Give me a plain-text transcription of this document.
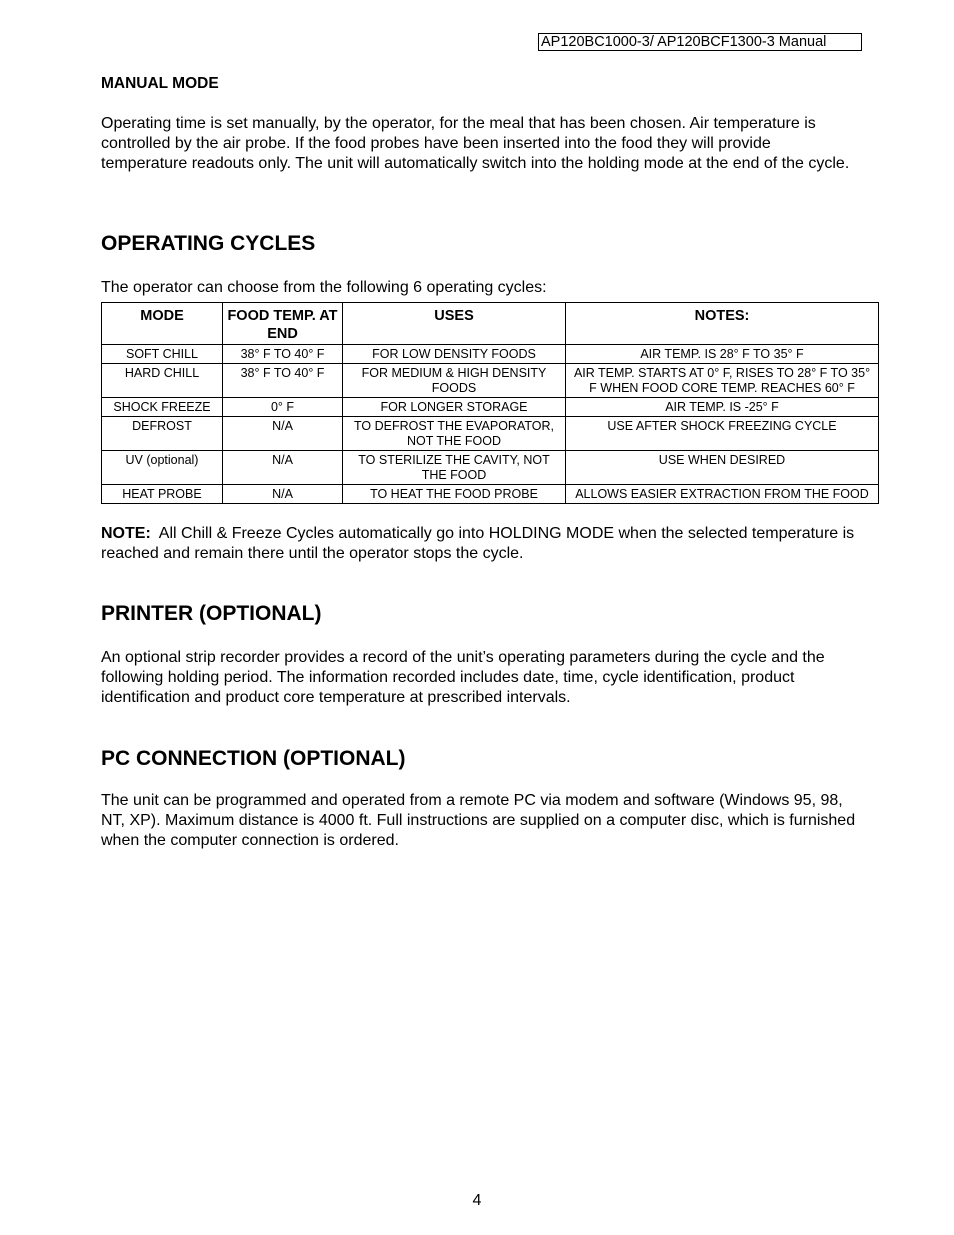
AP120BC1000-3/ AP120BCF1300-3 Manual
MANUAL MODE

Operating time is set manually, by the operator, for the meal that has been chosen. Air temperature is controlled by the air probe. If the food probes have been inserted into the food they will provide temperature readouts only. The unit will automatically switch into the holding mode at the end of the cycle.

OPERATING CYCLES

The operator can choose from the following 6 operating cycles:

MODE	FOOD TEMP. AT END	USES	NOTES:
SOFT CHILL	38° F TO 40° F	FOR LOW DENSITY FOODS	AIR TEMP. IS 28° F TO 35° F
HARD CHILL	38° F TO 40° F	FOR MEDIUM & HIGH DENSITY FOODS	AIR TEMP. STARTS AT 0° F, RISES TO 28° F TO 35° F WHEN FOOD CORE TEMP. REACHES 60° F
SHOCK FREEZE	0° F	FOR LONGER STORAGE	AIR TEMP. IS -25° F
DEFROST	N/A	TO DEFROST THE EVAPORATOR, NOT THE FOOD	USE AFTER SHOCK FREEZING CYCLE
UV (optional)	N/A	TO STERILIZE THE CAVITY, NOT THE FOOD	USE WHEN DESIRED
HEAT PROBE	N/A	TO HEAT THE FOOD PROBE	ALLOWS EASIER EXTRACTION FROM THE FOOD

NOTE: All Chill & Freeze Cycles automatically go into HOLDING MODE when the selected temperature is reached and remain there until the operator stops the cycle.

PRINTER (OPTIONAL)

An optional strip recorder provides a record of the unit’s operating parameters during the cycle and the following holding period. The information recorded includes date, time, cycle identification, product identification and product core temperature at prescribed intervals.

PC CONNECTION (OPTIONAL)

The unit can be programmed and operated from a remote PC via modem and software (Windows 95, 98, NT, XP). Maximum distance is 4000 ft. Full instructions are supplied on a computer disc, which is furnished when the computer connection is ordered.

4
